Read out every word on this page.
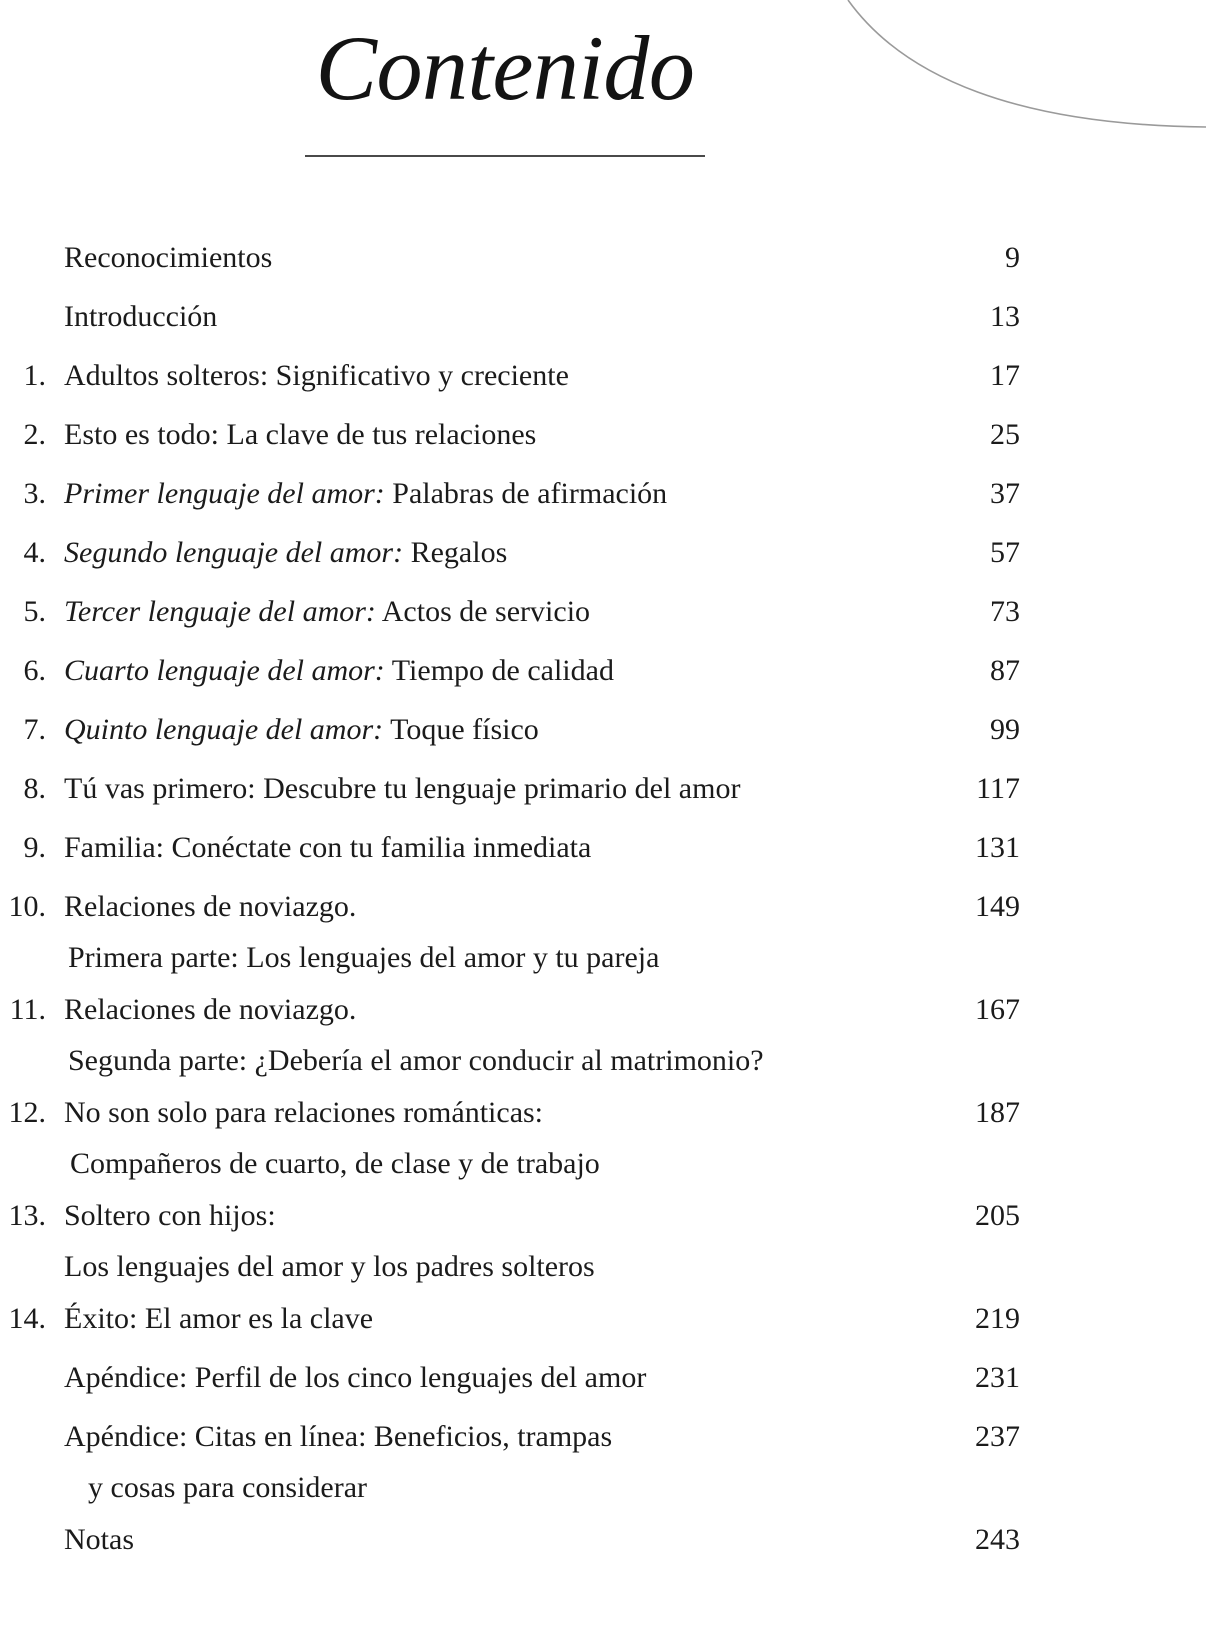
Contenido
Reconocimientos	9
Introducción	13
1. Adultos solteros: Significativo y creciente	17
2. Esto es todo: La clave de tus relaciones	25
3. Primer lenguaje del amor: Palabras de afirmación	37
4. Segundo lenguaje del amor: Regalos	57
5. Tercer lenguaje del amor: Actos de servicio	73
6. Cuarto lenguaje del amor: Tiempo de calidad	87
7. Quinto lenguaje del amor: Toque físico	99
8. Tú vas primero: Descubre tu lenguaje primario del amor	117
9. Familia: Conéctate con tu familia inmediata	131
10. Relaciones de noviazgo.	149
Primera parte: Los lenguajes del amor y tu pareja
11. Relaciones de noviazgo.	167
Segunda parte: ¿Debería el amor conducir al matrimonio?
12. No son solo para relaciones románticas:	187
Compañeros de cuarto, de clase y de trabajo
13. Soltero con hijos:	205
Los lenguajes del amor y los padres solteros
14. Éxito: El amor es la clave	219
Apéndice: Perfil de los cinco lenguajes del amor	231
Apéndice: Citas en línea: Beneficios, trampas	237
y cosas para considerar
Notas	243
